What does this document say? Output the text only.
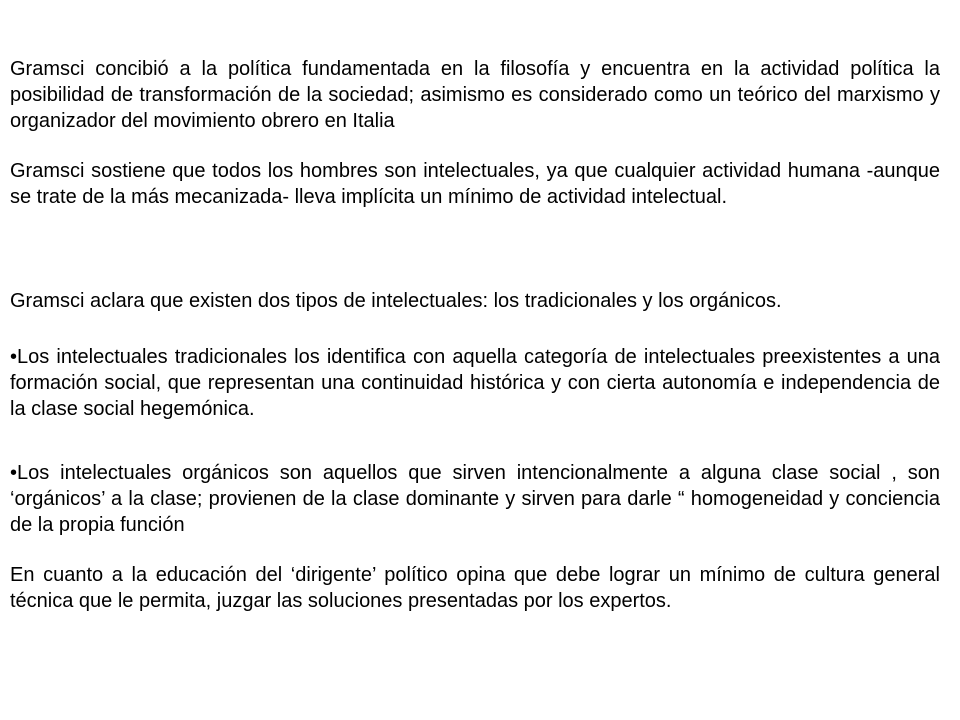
Gramsci concibió a la política fundamentada en la filosofía y encuentra en la actividad política la posibilidad de transformación de la sociedad; asimismo es considerado como un teórico del marxismo y organizador del movimiento obrero en Italia

Gramsci sostiene que todos los hombres son intelectuales, ya que cualquier actividad humana -aunque se trate de la más mecanizada- lleva implícita un mínimo de actividad intelectual.

Gramsci aclara que existen dos tipos de intelectuales: los tradicionales y los orgánicos.

•Los intelectuales tradicionales los identifica con aquella categoría de intelectuales preexistentes a una formación social, que representan una continuidad histórica y con cierta autonomía e independencia de la clase social hegemónica.

•Los intelectuales orgánicos son aquellos que sirven intencionalmente a alguna clase social , son ‘orgánicos’ a la clase; provienen de la clase dominante y sirven para darle “ homogeneidad y conciencia de la propia función

En cuanto a la educación del ‘dirigente’ político opina que debe lograr un mínimo de cultura general técnica que le permita, juzgar las soluciones presentadas por los expertos.
